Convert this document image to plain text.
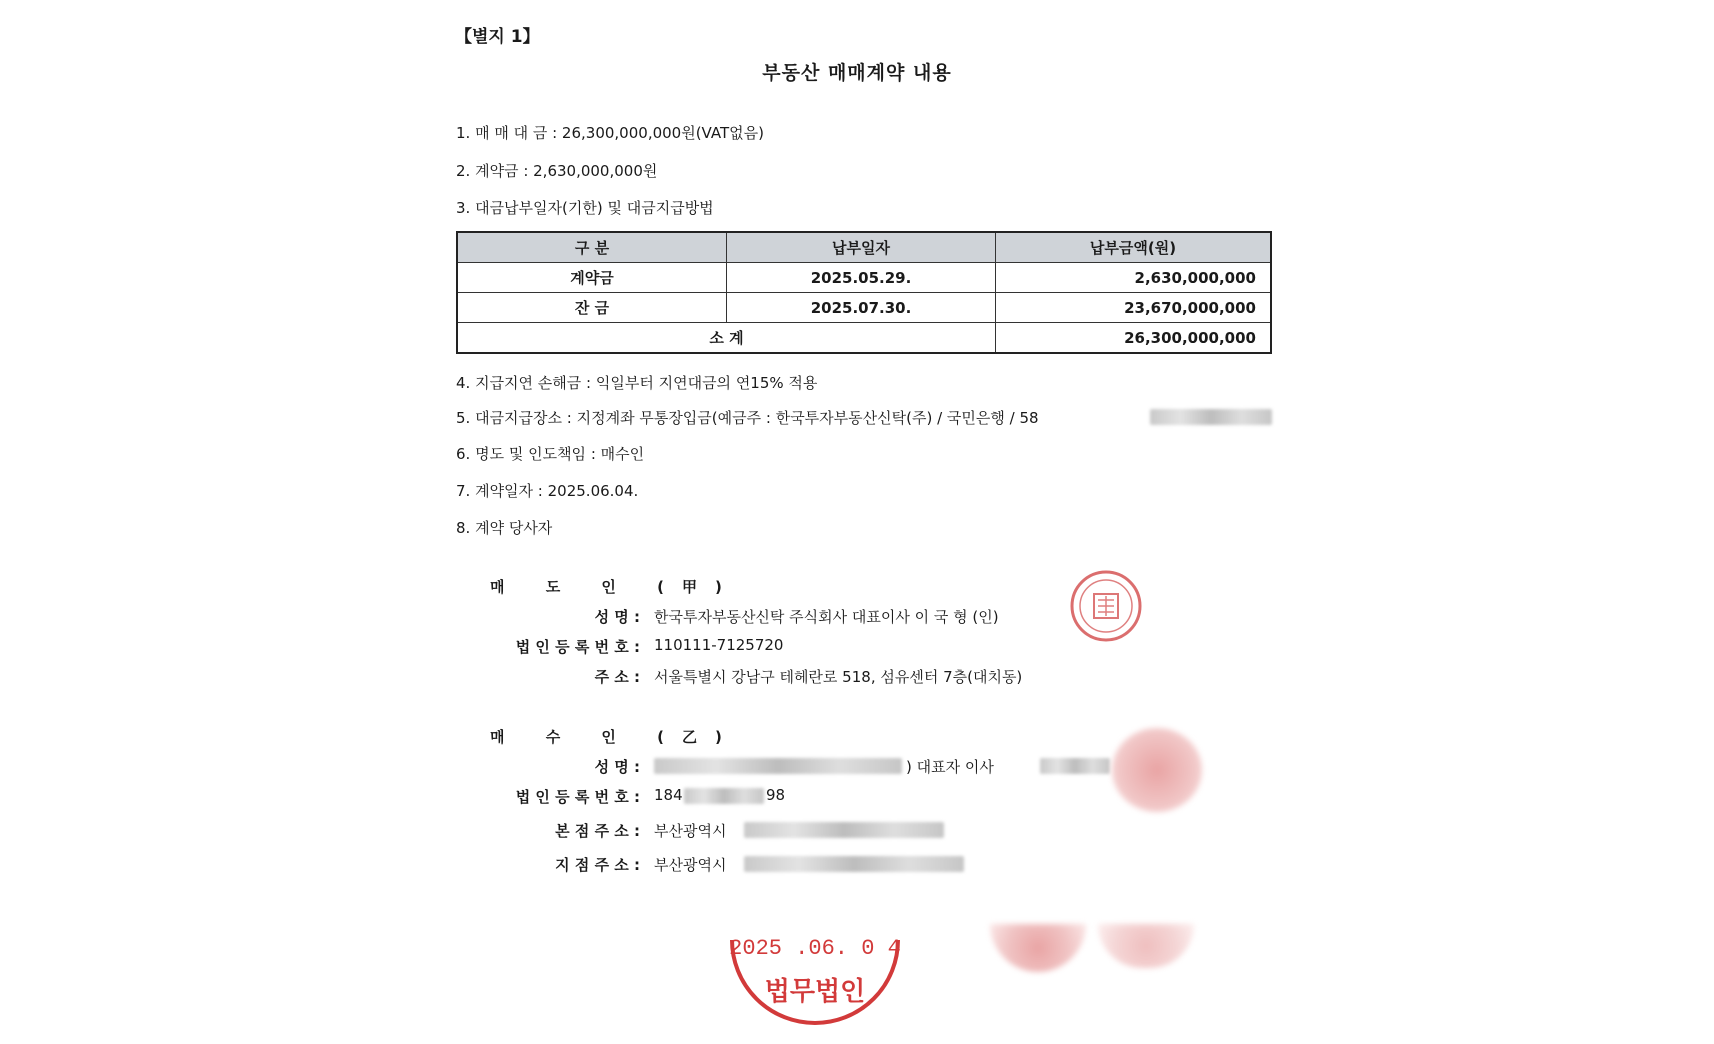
【별지 1】
부동산 매매계약 내용
1. 매 매 대 금 : 26,300,000,000원(VAT없음)
2. 계약금 : 2,630,000,000원
3. 대금납부일자(기한) 및 대금지급방법
구 분	납부일자	납부금액(원)
계약금	2025.05.29.	2,630,000,000
잔 금	2025.07.30.	23,670,000,000
소 계		26,300,000,000
4. 지급지연 손해금 : 익일부터 지연대금의 연15% 적용
5. 대금지급장소 : 지정계좌 무통장입금(예금주 : 한국투자부동산신탁(주) / 국민은행 / 58
6. 명도 및 인도책임 : 매수인
7. 계약일자 : 2025.06.04.
8. 계약 당사자
매 도 인 (甲)
성 명 : 한국투자부동산신탁 주식회사 대표이사 이 국 형 (인)
법 인 등 록 번 호 : 110111-7125720
주 소 : 서울특별시 강남구 테헤란로 518, 섬유센터 7층(대치동)
매 수 인 (乙)
성 명 :	) 대표자 이사
법 인 등 록 번 호 : 184	98
본 점 주 소 : 부산광역시
지 점 주 소 : 부산광역시
2025 .06. 0 4
법무법인
